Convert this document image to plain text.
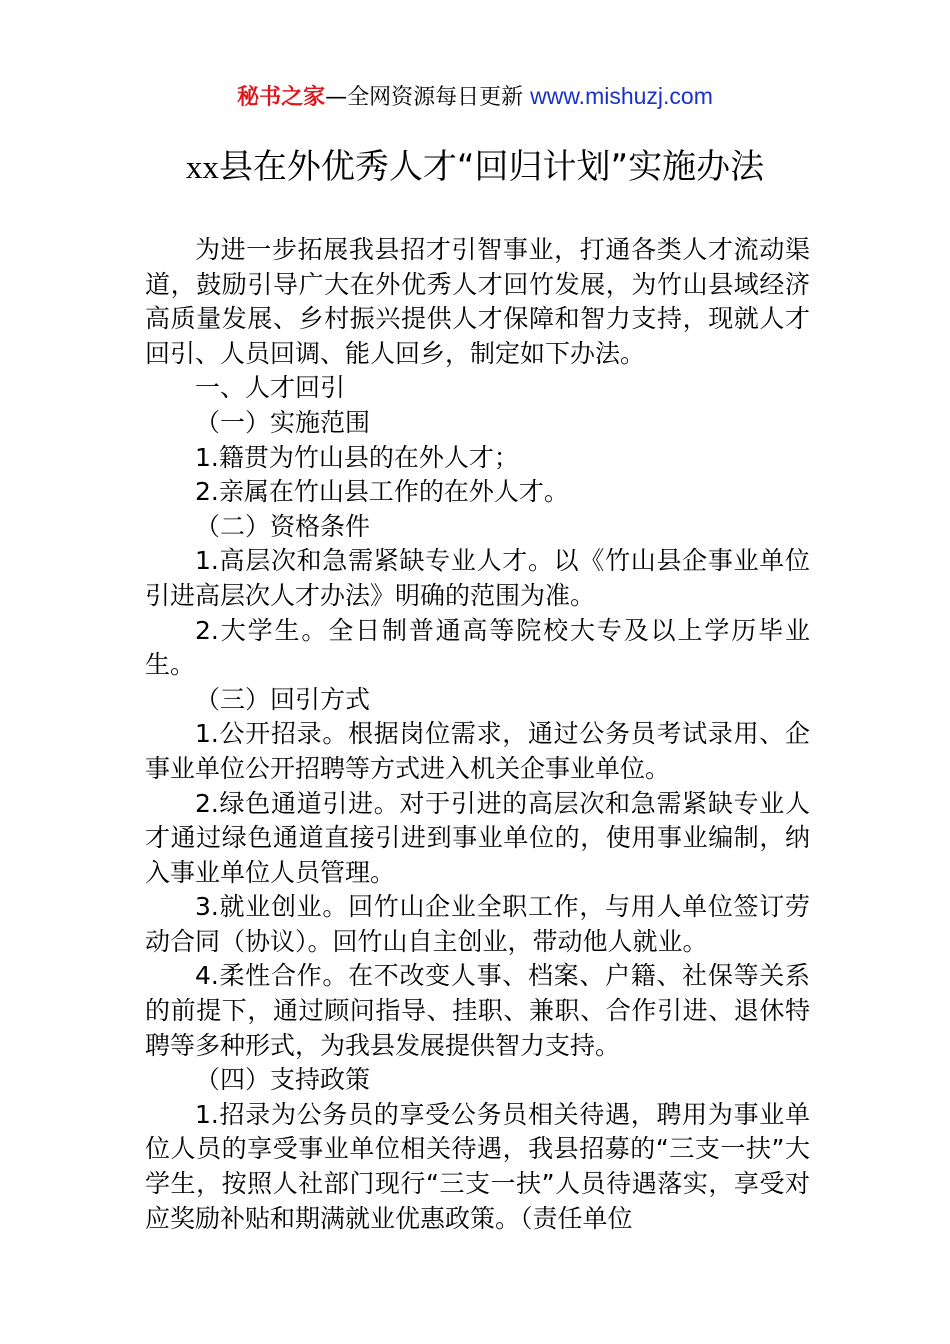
秘书之家—全网资源每日更新 www.mishuzj.com
xx县在外优秀人才“回归计划”实施办法

为进一步拓展我县招才引智事业，打通各类人才流动渠道，鼓励引导广大在外优秀人才回竹发展，为竹山县域经济高质量发展、乡村振兴提供人才保障和智力支持，现就人才回引、人员回调、能人回乡，制定如下办法。

一、人才回引

（一）实施范围

1.籍贯为竹山县的在外人才；

2.亲属在竹山县工作的在外人才。

（二）资格条件

1.高层次和急需紧缺专业人才。以《竹山县企事业单位引进高层次人才办法》明确的范围为准。

2.大学生。全日制普通高等院校大专及以上学历毕业生。

（三）回引方式

1.公开招录。根据岗位需求，通过公务员考试录用、企事业单位公开招聘等方式进入机关企事业单位。

2.绿色通道引进。对于引进的高层次和急需紧缺专业人才通过绿色通道直接引进到事业单位的，使用事业编制，纳入事业单位人员管理。

3.就业创业。回竹山企业全职工作，与用人单位签订劳动合同（协议）。回竹山自主创业，带动他人就业。

4.柔性合作。在不改变人事、档案、户籍、社保等关系的前提下，通过顾问指导、挂职、兼职、合作引进、退休特聘等多种形式，为我县发展提供智力支持。

（四）支持政策

1.招录为公务员的享受公务员相关待遇，聘用为事业单位人员的享受事业单位相关待遇，我县招募的“三支一扶”大学生，按照人社部门现行“三支一扶”人员待遇落实，享受对应奖励补贴和期满就业优惠政策。（责任单位
